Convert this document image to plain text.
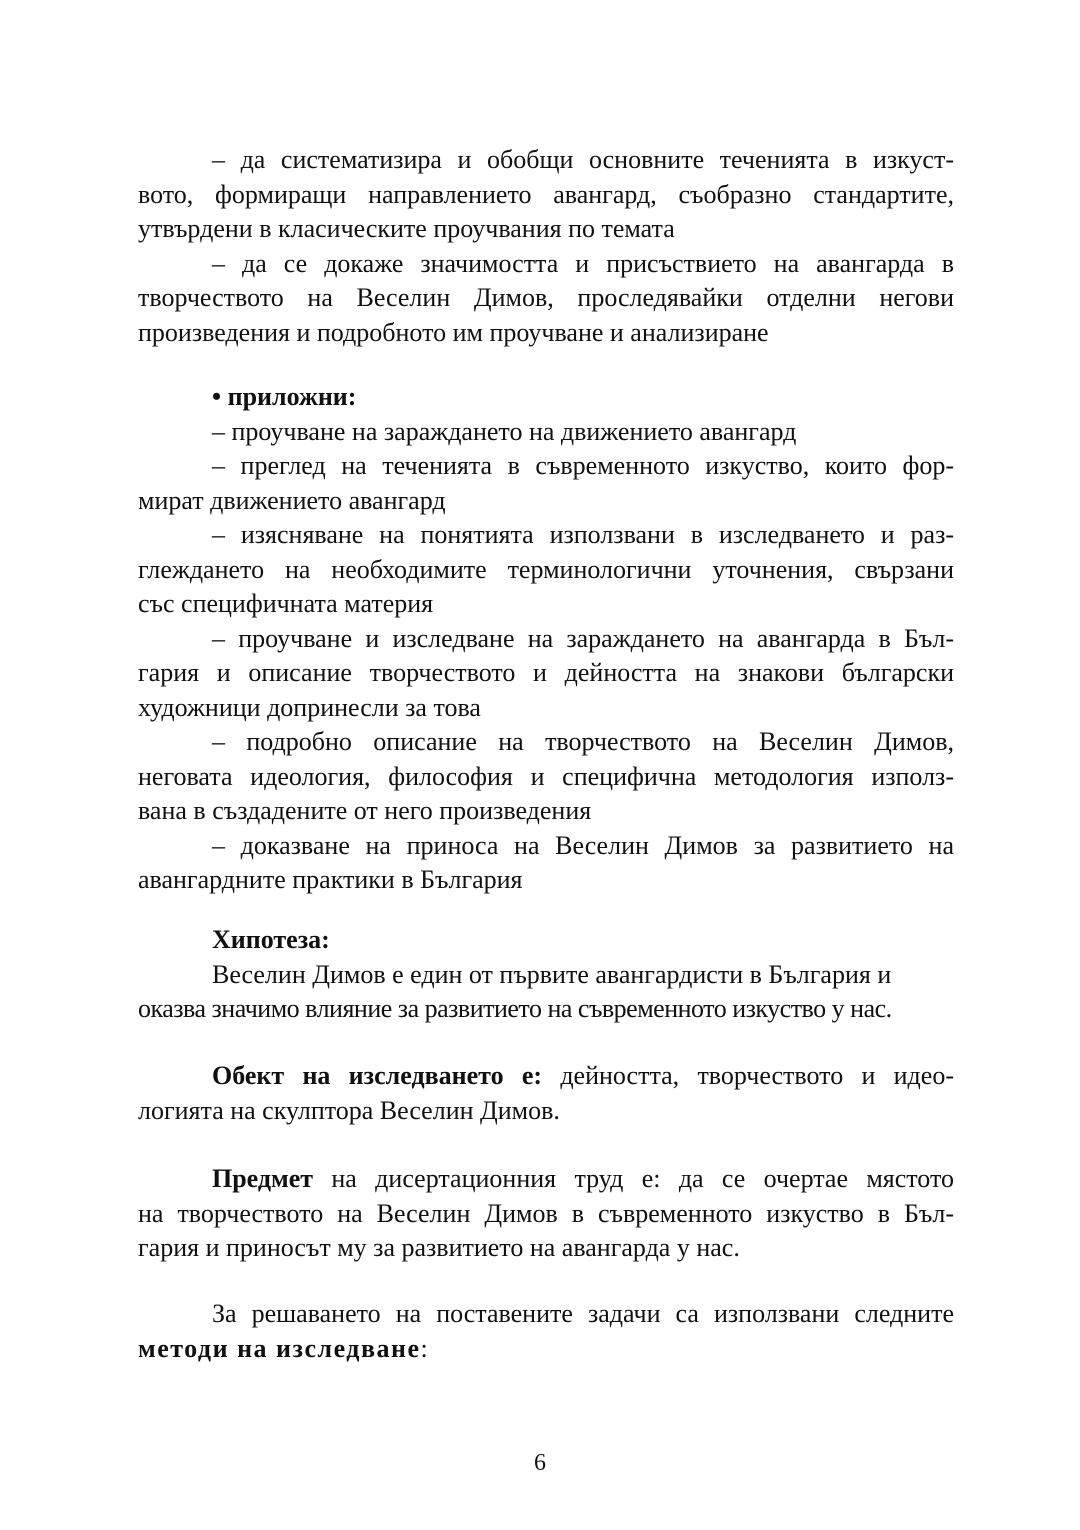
– да систематизира и обобщи основните теченията в изкуст-
вото, формиращи направлението авангард, съобразно стандартите,
утвърдени в класическите проучвания по темата
– да се докаже значимостта и присъствието на авангарда в
творчеството на Веселин Димов, проследявайки отделни негови
произведения и подробното им проучване и анализиране
• приложни:
– проучване на зараждането на движението авангард
– преглед на теченията в съвременното изкуство, които фор-
мират движението авангард
– изясняване на понятията използвани в изследването и раз-
глеждането на необходимите терминологични уточнения, свързани
със специфичната материя
– проучване и изследване на зараждането на авангарда в Бъл-
гария и описание творчеството и дейността на знакови български
художници допринесли за това
– подробно описание на творчеството на Веселин Димов,
неговата идеология, философия и специфична методология използ-
вана в създадените от него произведения
– доказване на приноса на Веселин Димов за развитието на
авангардните практики в България
Хипотеза:
Веселин Димов е един от първите авангардисти в България и
оказва значимо влияние за развитието на съвременното изкуство у нас.
Обект на изследването е: дейността, творчеството и идео-
логията на скулптора Веселин Димов.
Предмет на дисертационния труд е: да се очертае мястото
на творчеството на Веселин Димов в съвременното изкуство в Бъл-
гария и приносът му за развитието на авангарда у нас.
За решаването на поставените задачи са използвани следните
методи на изследване:
6
